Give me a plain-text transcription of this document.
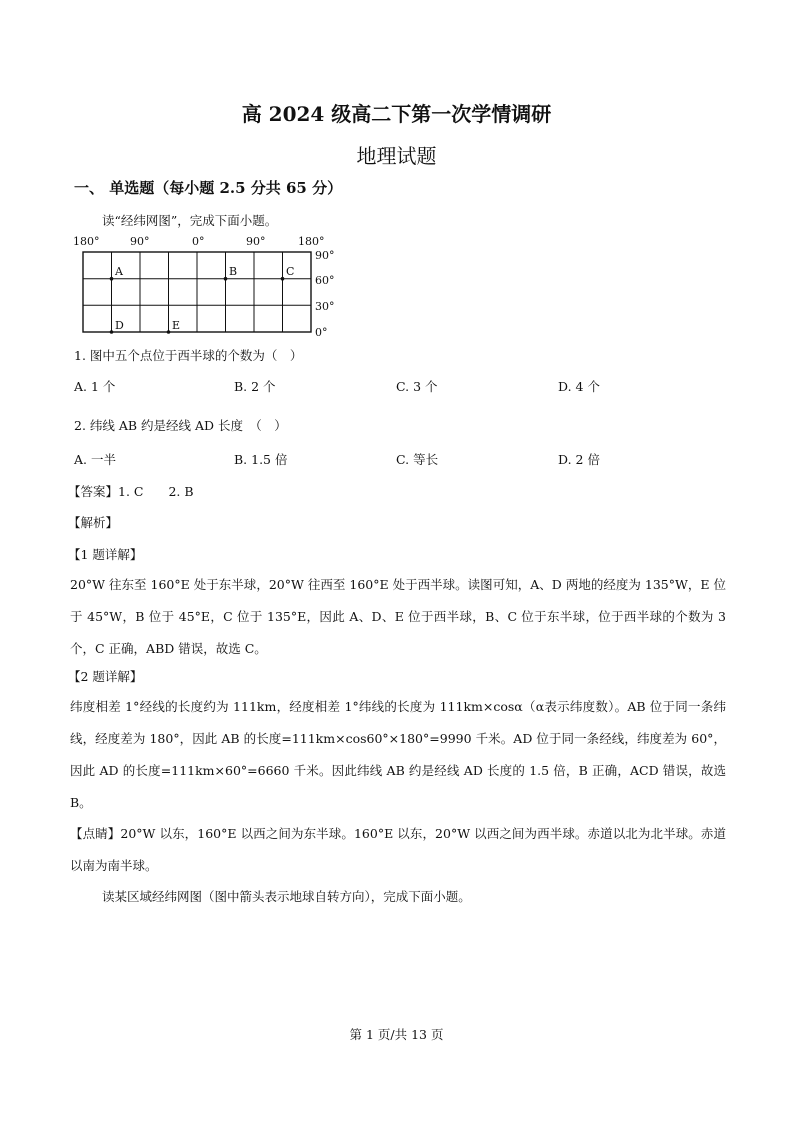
高 2024 级高二下第一次学情调研
地理试题
一、 单选题（每小题 2.5 分共 65 分）
读“经纬网图”，完成下面小题。
180°	90°	0°	90°	180°
90°
60°
30°
0°
A	B	C
D	E
1. 图中五个点位于西半球的个数为（　）
A. 1 个	B. 2 个	C. 3 个	D. 4 个
2. 纬线 AB 约是经线 AD 长度　（　）
A. 一半	B. 1.5 倍	C. 等长	D. 2 倍
【答案】1. C　　2. B
【解析】
【1 题详解】
20°W 往东至 160°E 处于东半球，20°W 往西至 160°E 处于西半球。读图可知，A、D 两地的经度为 135°W，E 位于 45°W，B 位于 45°E，C 位于 135°E，因此 A、D、E 位于西半球，B、C 位于东半球，位于西半球的个数为 3 个，C 正确，ABD 错误，故选 C。
【2 题详解】
纬度相差 1°经线的长度约为 111km，经度相差 1°纬线的长度为 111km×cosα（α表示纬度数）。AB 位于同一条纬线，经度差为 180°，因此 AB 的长度=111km×cos60°×180°=9990 千米。AD 位于同一条经线，纬度差为 60°，因此 AD 的长度=111km×60°=6660 千米。因此纬线 AB 约是经线 AD 长度的 1.5 倍，B 正确，ACD 错误，故选 B。
【点睛】20°W 以东，160°E 以西之间为东半球。160°E 以东，20°W 以西之间为西半球。赤道以北为北半球。赤道以南为南半球。
读某区域经纬网图（图中箭头表示地球自转方向），完成下面小题。
第 1 页/共 13 页
